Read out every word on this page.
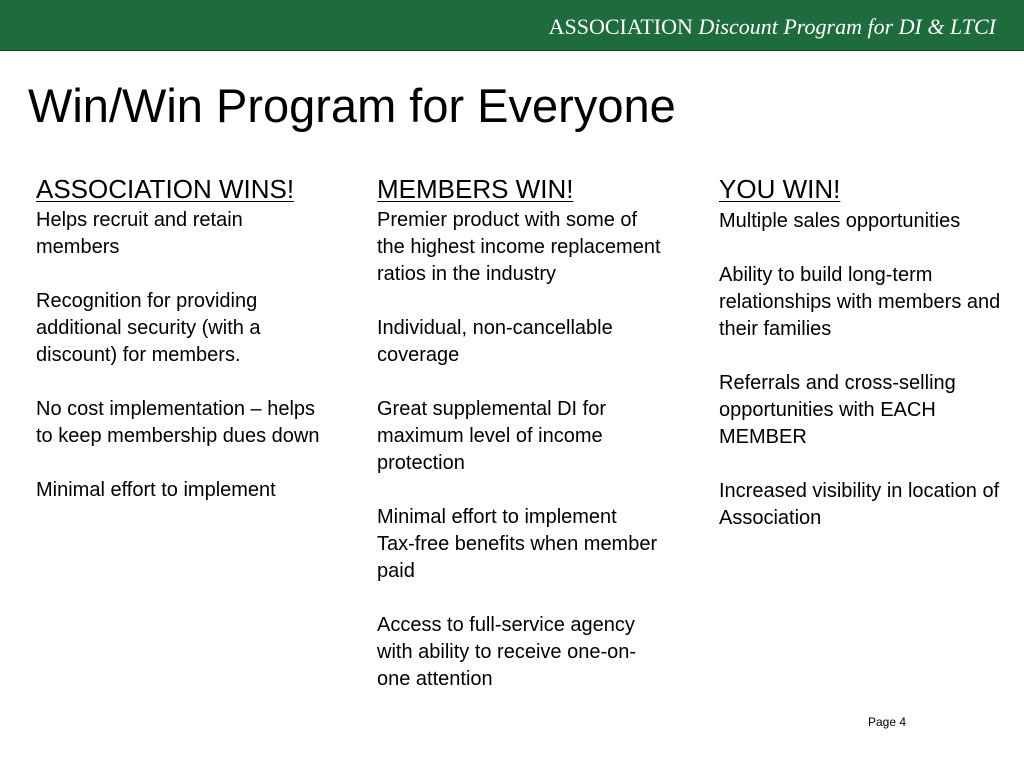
ASSOCIATION Discount Program for DI & LTCI
Win/Win Program for Everyone
ASSOCIATION WINS!
Helps recruit and retain members
Recognition for providing additional security (with a discount) for members.
No cost implementation – helps to keep membership dues down
Minimal effort to implement
MEMBERS WIN!
Premier product with some of the highest income replacement ratios in the industry
Individual, non-cancellable coverage
Great supplemental DI for maximum level of income protection
Minimal effort to implement
Tax-free benefits when member paid
Access to full-service agency with ability to receive one-on-one attention
YOU WIN!
Multiple sales opportunities
Ability to build long-term relationships with members and their families
Referrals and cross-selling opportunities with EACH MEMBER
Increased visibility in location of Association
Page 4
